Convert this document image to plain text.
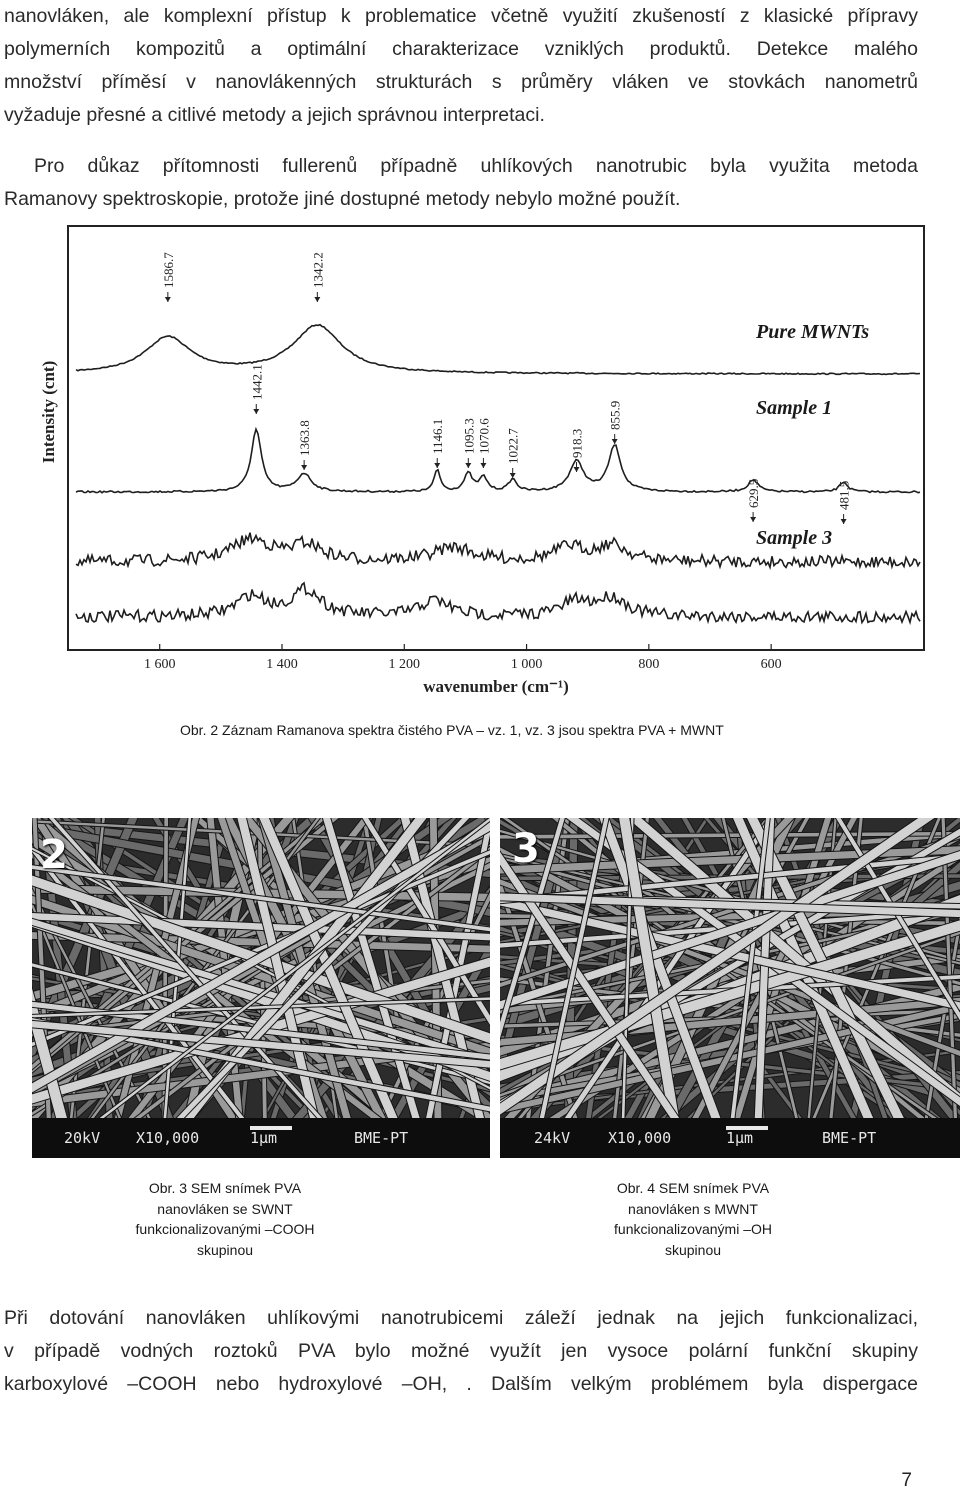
nanovláken, ale komplexní přístup k problematice včetně využití zkušeností z klasické přípravy
polymerních kompozitů a optimální charakterizace vzniklých produktů. Detekce malého
množství příměsí v nanovlákenných strukturách s průměry vláken ve stovkách nanometrů
vyžaduje přesné a citlivé metody a jejich správnou interpretaci.
Pro důkaz přítomnosti fullerenů případně uhlíkových nanotrubic byla využita metoda
Ramanovy spektroskopie, protože jiné dostupné metody nebylo možné použít.
1586.7	1342.2
1442.1
1363.8	1146.1 1095.3 1070.6 1022.7	918.3
855.9
629.5	481.5
Pure MWNTs
Sample 1
Sample 3
1 600	1 400	1 200	1 000	800	600
Intensity (cnt)
wavenumber (cm⁻¹)
Obr. 2 Záznam Ramanova spektra čistého PVA – vz. 1, vz. 3 jsou spektra PVA + MWNT
2
20kV X10,000	1µm	BME-PT
3
24kV	X10,000	1µm	BME-PT
Obr. 3 SEM snímek PVA
nanovláken se SWNT
funkcionalizovanými –COOH
skupinou
Obr. 4 SEM snímek PVA
nanovláken s MWNT
funkcionalizovanými –OH
skupinou
Při dotování nanovláken uhlíkovými nanotrubicemi záleží jednak na jejich funkcionalizaci,
v případě vodných roztoků PVA bylo možné využít jen vysoce polární funkční skupiny
karboxylové –COOH nebo hydroxylové –OH, . Dalším velkým problémem byla dispergace
7
